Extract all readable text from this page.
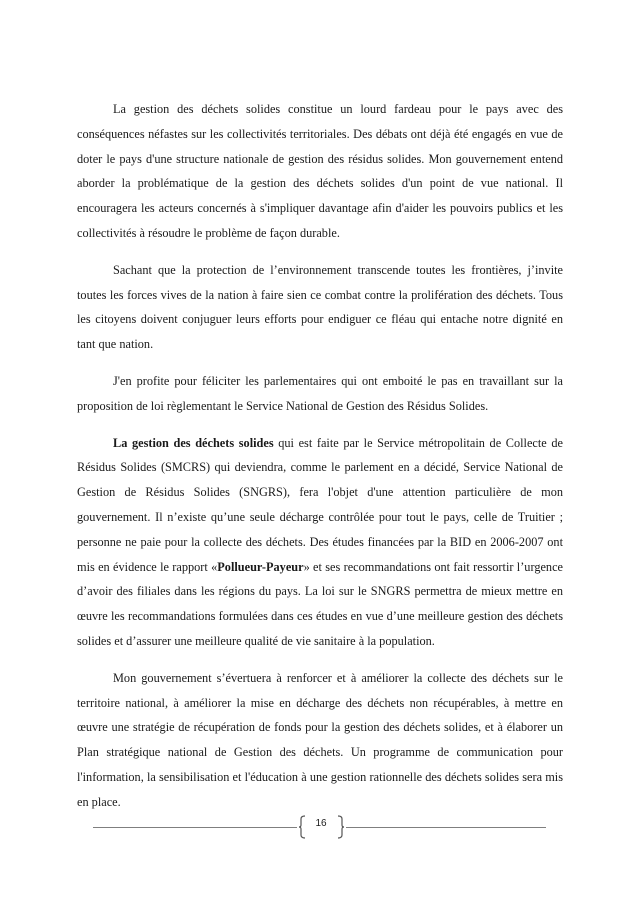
La gestion des déchets solides constitue un lourd fardeau pour le pays avec des conséquences néfastes sur les collectivités territoriales. Des débats ont déjà été engagés en vue de doter le pays d'une structure nationale de gestion des résidus solides. Mon gouvernement entend aborder la problématique de la gestion des déchets solides d'un point de vue national. Il encouragera les acteurs concernés à s'impliquer davantage afin d'aider les pouvoirs publics et les collectivités à résoudre le problème de façon durable.

Sachant que la protection de l’environnement transcende toutes les frontières, j’invite toutes les forces vives de la nation à faire sien ce combat contre la prolifération des déchets. Tous les citoyens doivent conjuguer leurs efforts pour endiguer ce fléau qui entache notre dignité en tant que nation.

J'en profite pour féliciter les parlementaires qui ont emboité le pas en travaillant sur la proposition de loi règlementant le Service National de Gestion des Résidus Solides.

La gestion des déchets solides qui est faite par le Service métropolitain de Collecte de Résidus Solides (SMCRS) qui deviendra, comme le parlement en a décidé, Service National de Gestion de Résidus Solides (SNGRS), fera l'objet d'une attention particulière de mon gouvernement. Il n’existe qu’une seule décharge contrôlée pour tout le pays, celle de Truitier ; personne ne paie pour la collecte des déchets. Des études financées par la BID en 2006-2007 ont mis en évidence le rapport «Pollueur-Payeur» et ses recommandations ont fait ressortir l’urgence d’avoir des filiales dans les régions du pays. La loi sur le SNGRS permettra de mieux mettre en œuvre les recommandations formulées dans ces études en vue d’une meilleure gestion des déchets solides et d’assurer une meilleure qualité de vie sanitaire à la population.

Mon gouvernement s’évertuera à renforcer et à améliorer la collecte des déchets sur le territoire national, à améliorer la mise en décharge des déchets non récupérables, à mettre en œuvre une stratégie de récupération de fonds pour la gestion des déchets solides, et à élaborer un Plan stratégique national de Gestion des déchets. Un programme de communication pour l'information, la sensibilisation et l'éducation à une gestion rationnelle des déchets solides sera mis en place.

16
